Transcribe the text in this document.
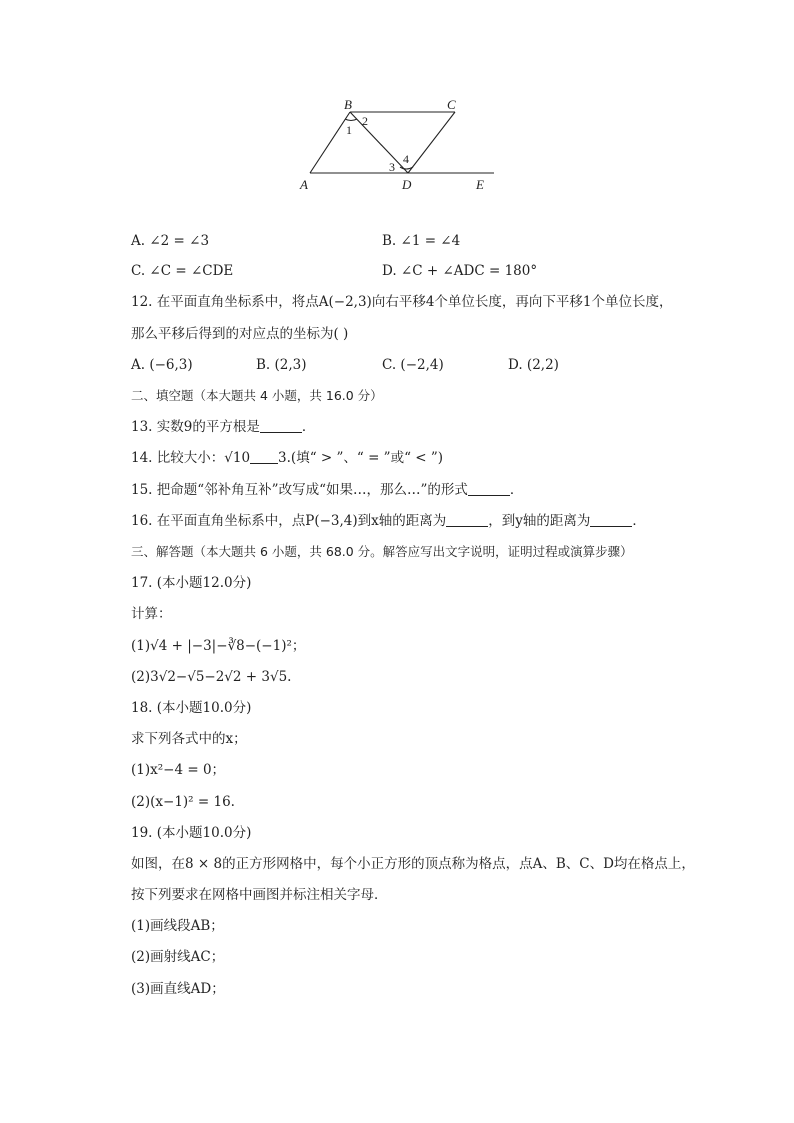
B	C
A	D	E
1
2
3
4
A. ∠2 = ∠3	B. ∠1 = ∠4
C. ∠C = ∠CDE	D. ∠C + ∠ADC = 180°
12. 在平面直角坐标系中，将点A(−2,3)向右平移4个单位长度，再向下平移1个单位长度，
那么平移后得到的对应点的坐标为( )
A. (−6,3)	B. (2,3)	C. (−2,4)	D. (2,2)
二、填空题（本大题共 4 小题，共 16.0 分）
13. 实数9的平方根是	．
14. 比较大小：√10 3.(填“ > ”、“ = ”或“ < ”)
15. 把命题“邻补角互补”改写成“如果…，那么…”的形式	．
16. 在平面直角坐标系中，点P(−3,4)到x轴的距离为	，到y轴的距离为	．
三、解答题（本大题共 6 小题，共 68.0 分。解答应写出文字说明，证明过程或演算步骤）
17. (本小题12.0分)
计算：
(1)√4 + |−3|−∛8−(−1)²；
(2)3√2−√5−2√2 + 3√5.
18. (本小题10.0分)
求下列各式中的x；
(1)x²−4 = 0；
(2)(x−1)² = 16.
19. (本小题10.0分)
如图，在8 × 8的正方形网格中，每个小正方形的顶点称为格点，点A、B、C、D均在格点上，
按下列要求在网格中画图并标注相关字母．
(1)画线段AB；
(2)画射线AC；
(3)画直线AD；
